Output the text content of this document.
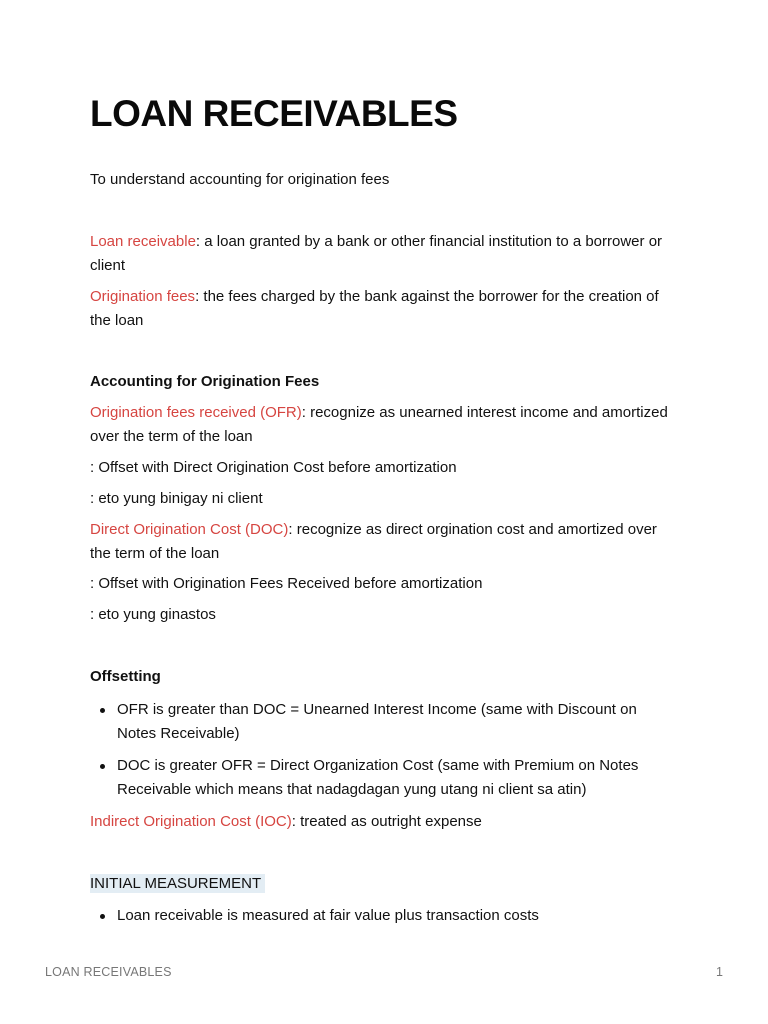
LOAN RECEIVABLES

To understand accounting for origination fees

Loan receivable: a loan granted by a bank or other financial institution to a borrower or client

Origination fees: the fees charged by the bank against the borrower for the creation of the loan

Accounting for Origination Fees

Origination fees received (OFR): recognize as unearned interest income and amortized over the term of the loan

: Offset with Direct Origination Cost before amortization

: eto yung binigay ni client

Direct Origination Cost (DOC): recognize as direct orgination cost and amortized over the term of the loan

: Offset with Origination Fees Received before amortization

: eto yung ginastos

Offsetting

OFR is greater than DOC = Unearned Interest Income (same with Discount on Notes Receivable)
DOC is greater OFR = Direct Organization Cost (same with Premium on Notes Receivable which means that nadagdagan yung utang ni client sa atin)

Indirect Origination Cost (IOC): treated as outright expense

INITIAL MEASUREMENT

Loan receivable is measured at fair value plus transaction costs
LOAN RECEIVABLES	1
